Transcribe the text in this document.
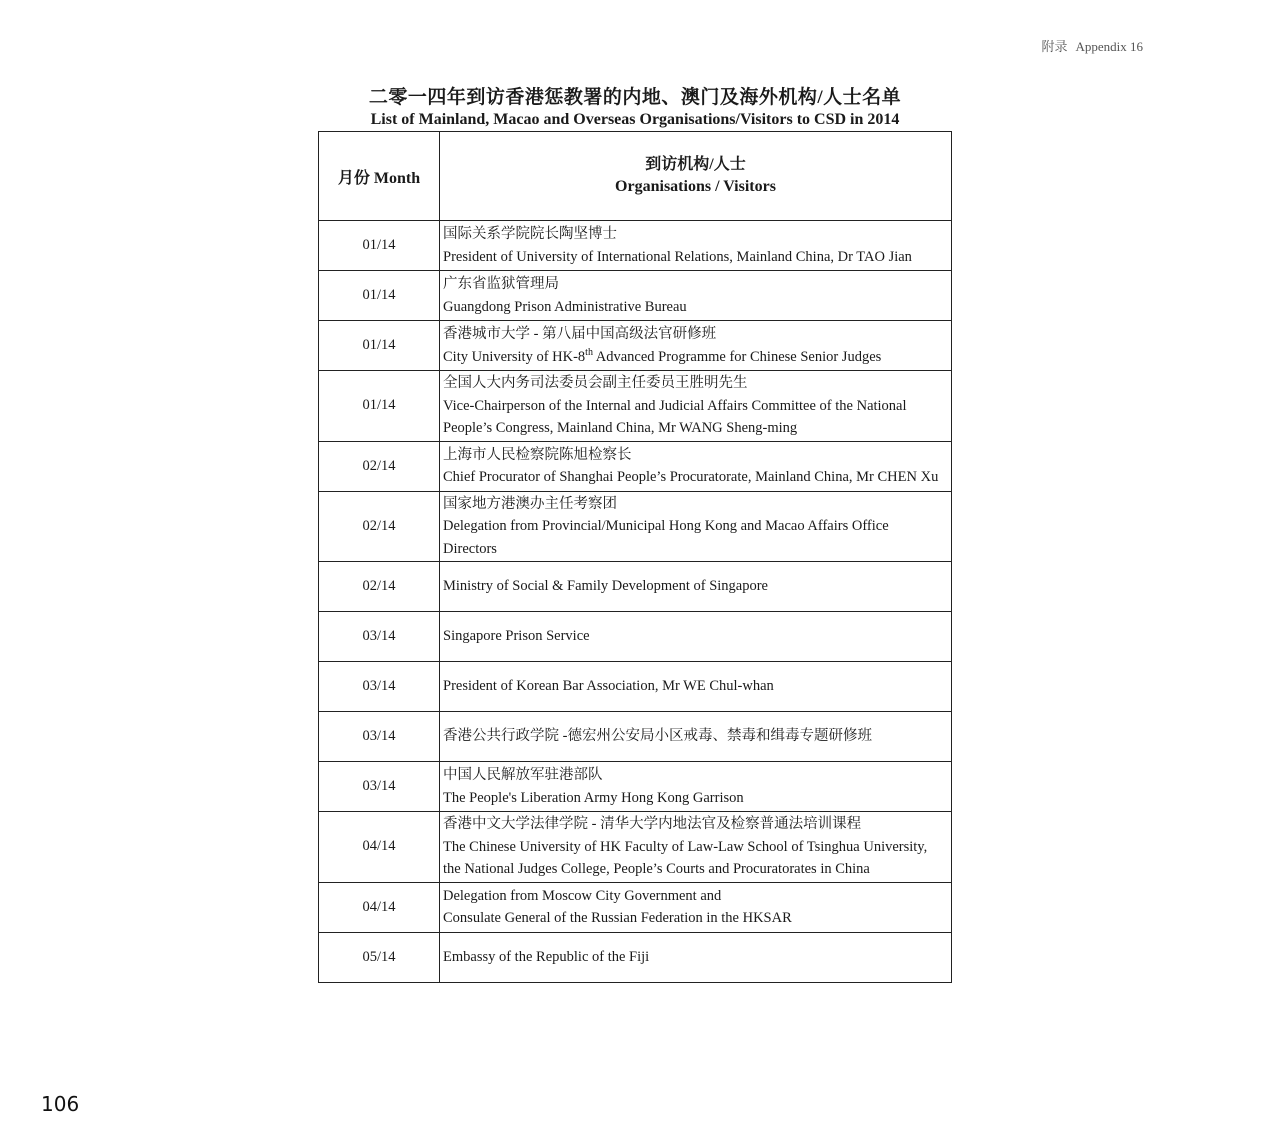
附录 Appendix 16
二零一四年到访香港惩教署的内地、澳门及海外机构/人士名单
List of Mainland, Macao and Overseas Organisations/Visitors to CSD in 2014
月份 Month	到访机构/人士
Organisations / Visitors

01/14	国际关系学院院长陶坚博士
President of University of International Relations, Mainland China, Dr TAO Jian

01/14	广东省监狱管理局
Guangdong Prison Administrative Bureau

01/14	香港城市大学 - 第八届中国高级法官研修班
City University of HK-8th Advanced Programme for Chinese Senior Judges

01/14	全国人大内务司法委员会副主任委员王胜明先生
Vice-Chairperson of the Internal and Judicial Affairs Committee of the National
People’s Congress, Mainland China, Mr WANG Sheng-ming

02/14	上海市人民检察院陈旭检察长
Chief Procurator of Shanghai People’s Procuratorate, Mainland China, Mr CHEN Xu

02/14	国家地方港澳办主任考察团
Delegation from Provincial/Municipal Hong Kong and Macao Affairs Office
Directors

02/14	Ministry of Social & Family Development of Singapore

03/14	Singapore Prison Service

03/14	President of Korean Bar Association, Mr WE Chul-whan

03/14	香港公共行政学院 -德宏州公安局小区戒毒、禁毒和缉毒专题研修班

03/14	中国人民解放军驻港部队
The People's Liberation Army Hong Kong Garrison

04/14	香港中文大学法律学院 - 清华大学内地法官及检察普通法培训课程
The Chinese University of HK Faculty of Law-Law School of Tsinghua University,
the National Judges College, People’s Courts and Procuratorates in China

04/14	Delegation from Moscow City Government and
Consulate General of the Russian Federation in the HKSAR

05/14	Embassy of the Republic of the Fiji
106
